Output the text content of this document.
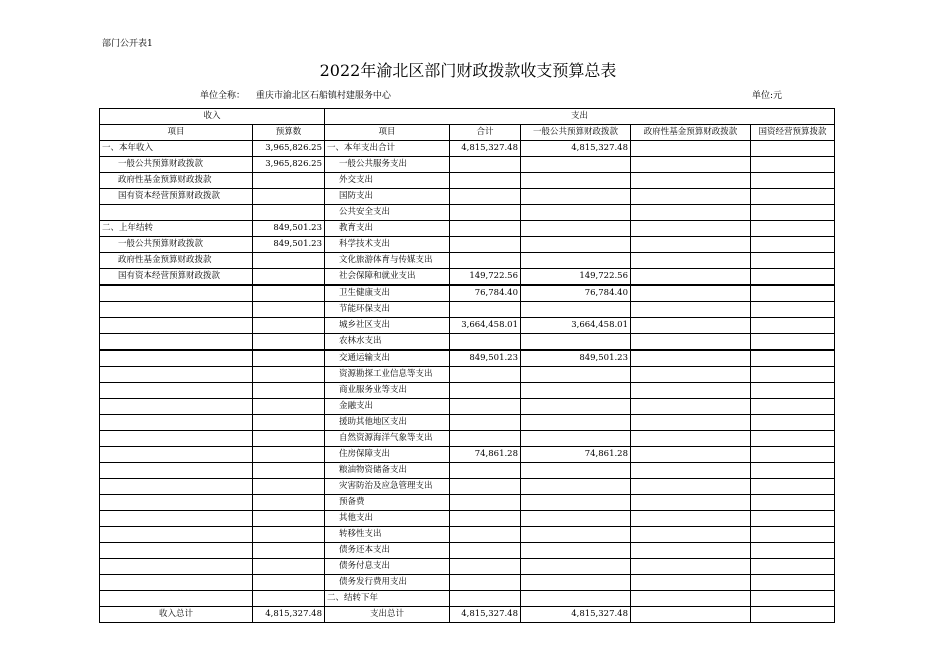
部门公开表1
2022年渝北区部门财政拨款收支预算总表
单位全称： 重庆市渝北区石船镇村建服务中心	单位:元
收入		支出				
项目	预算数	项目	合计	一般公共预算财政拨款	政府性基金预算财政拨款	国资经营预算拨款
一、本年收入	3,965,826.25	一、本年支出合计	4,815,327.48	4,815,327.48		
一般公共预算财政拨款	3,965,826.25	一般公共服务支出				
政府性基金预算财政拨款		外交支出				
国有资本经营预算财政拨款		国防支出				
		公共安全支出				
二、上年结转	849,501.23	教育支出				
一般公共预算财政拨款	849,501.23	科学技术支出				
政府性基金预算财政拨款		文化旅游体育与传媒支出				
国有资本经营预算财政拨款		社会保障和就业支出	149,722.56	149,722.56		
		卫生健康支出	76,784.40	76,784.40		
		节能环保支出				
		城乡社区支出	3,664,458.01	3,664,458.01		
		农林水支出				
		交通运输支出	849,501.23	849,501.23		
		资源勘探工业信息等支出				
		商业服务业等支出				
		金融支出				
		援助其他地区支出				
		自然资源海洋气象等支出				
		住房保障支出	74,861.28	74,861.28		
		粮油物资储备支出				
		灾害防治及应急管理支出				
		预备费				
		其他支出				
		转移性支出				
		债务还本支出				
		债务付息支出				
		债务发行费用支出				
		二、结转下年				
收入总计	4,815,327.48	支出总计	4,815,327.48	4,815,327.48		
